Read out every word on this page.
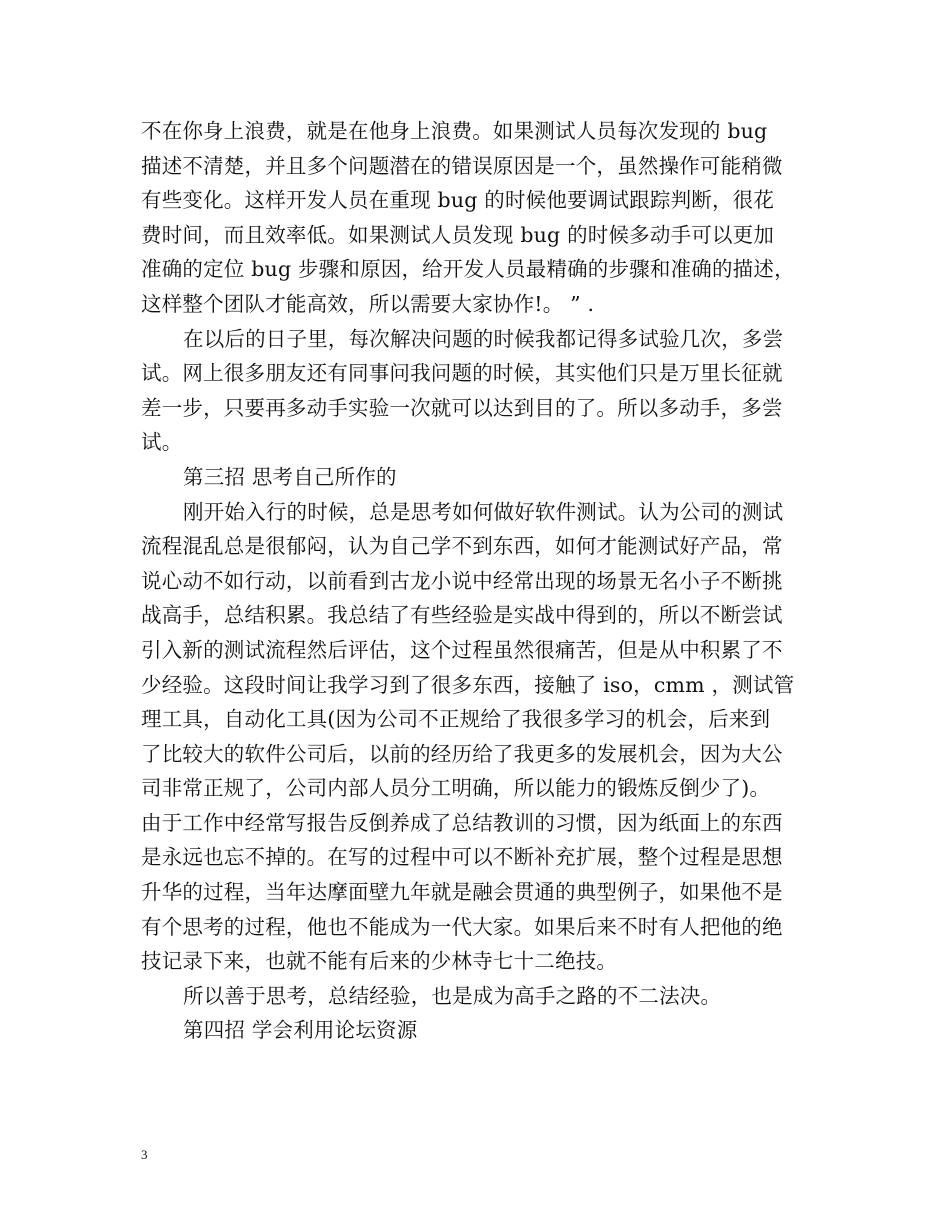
不在你身上浪费，就是在他身上浪费。如果测试人员每次发现的 bug
描述不清楚，并且多个问题潜在的错误原因是一个，虽然操作可能稍微
有些变化。这样开发人员在重现 bug 的时候他要调试跟踪判断，很花
费时间，而且效率低。如果测试人员发现 bug 的时候多动手可以更加
准确的定位 bug 步骤和原因，给开发人员最精确的步骤和准确的描述，
这样整个团队才能高效，所以需要大家协作!。 ” .
在以后的日子里，每次解决问题的时候我都记得多试验几次，多尝
试。网上很多朋友还有同事问我问题的时候，其实他们只是万里长征就
差一步，只要再多动手实验一次就可以达到目的了。所以多动手，多尝
试。
第三招 思考自己所作的
刚开始入行的时候，总是思考如何做好软件测试。认为公司的测试
流程混乱总是很郁闷，认为自己学不到东西，如何才能测试好产品，常
说心动不如行动，以前看到古龙小说中经常出现的场景无名小子不断挑
战高手，总结积累。我总结了有些经验是实战中得到的，所以不断尝试
引入新的测试流程然后评估，这个过程虽然很痛苦，但是从中积累了不
少经验。这段时间让我学习到了很多东西，接触了 iso，cmm ，测试管
理工具，自动化工具(因为公司不正规给了我很多学习的机会，后来到
了比较大的软件公司后，以前的经历给了我更多的发展机会，因为大公
司非常正规了，公司内部人员分工明确，所以能力的锻炼反倒少了)。
由于工作中经常写报告反倒养成了总结教训的习惯，因为纸面上的东西
是永远也忘不掉的。在写的过程中可以不断补充扩展，整个过程是思想
升华的过程，当年达摩面壁九年就是融会贯通的典型例子，如果他不是
有个思考的过程，他也不能成为一代大家。如果后来不时有人把他的绝
技记录下来，也就不能有后来的少林寺七十二绝技。
所以善于思考，总结经验，也是成为高手之路的不二法决。
第四招 学会利用论坛资源
3
